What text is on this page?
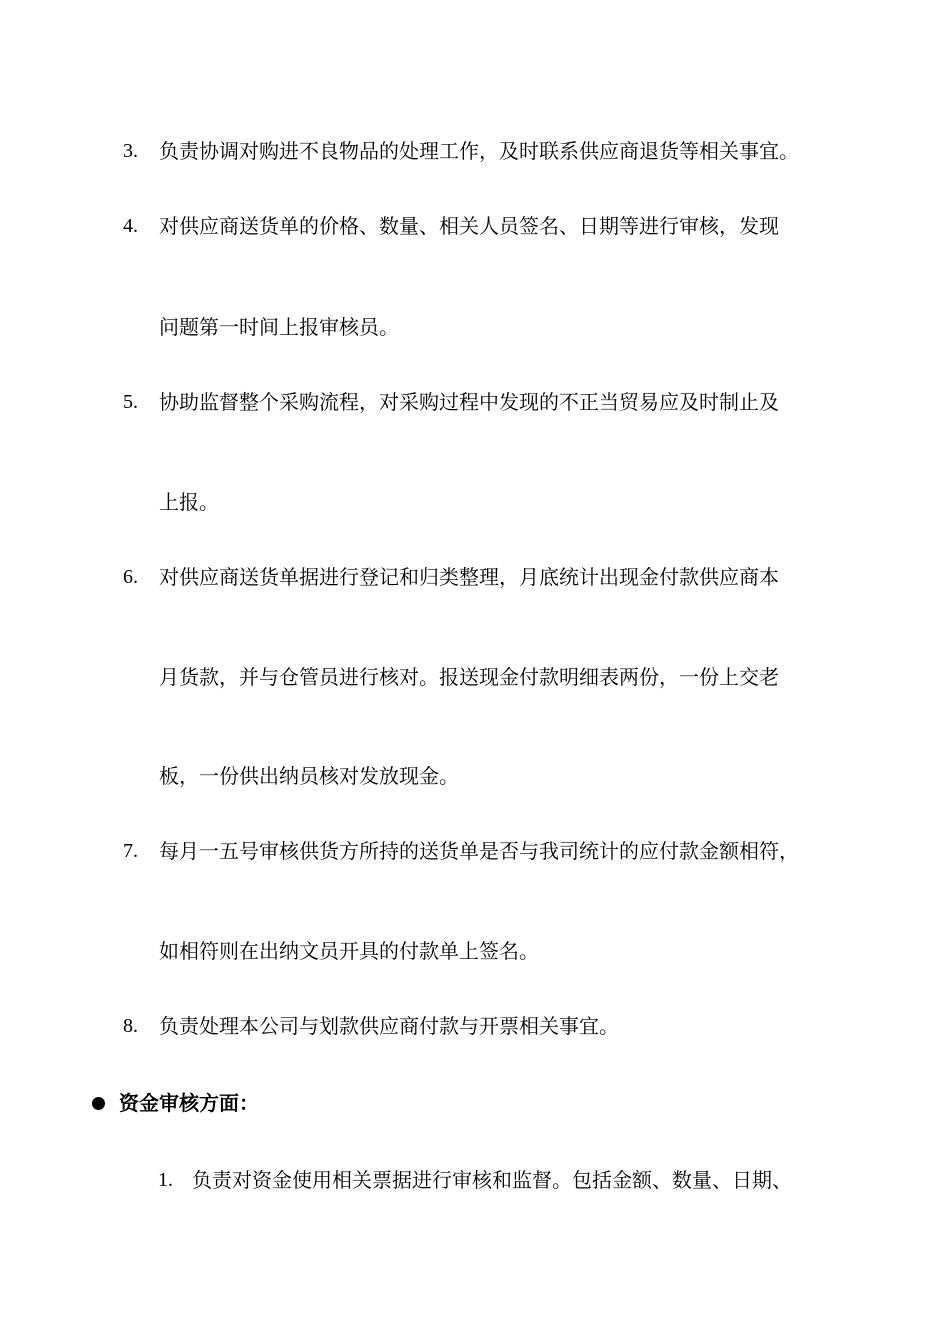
3. 负责协调对购进不良物品的处理工作，及时联系供应商退货等相关事宜。
4. 对供应商送货单的价格、数量、相关人员签名、日期等进行审核，发现
问题第一时间上报审核员。
5. 协助监督整个采购流程，对采购过程中发现的不正当贸易应及时制止及
上报。
6. 对供应商送货单据进行登记和归类整理，月底统计出现金付款供应商本
月货款，并与仓管员进行核对。报送现金付款明细表两份，一份上交老
板，一份供出纳员核对发放现金。
7. 每月一五号审核供货方所持的送货单是否与我司统计的应付款金额相符，
如相符则在出纳文员开具的付款单上签名。
8. 负责处理本公司与划款供应商付款与开票相关事宜。
资金审核方面：
1. 负责对资金使用相关票据进行审核和监督。包括金额、数量、日期、
